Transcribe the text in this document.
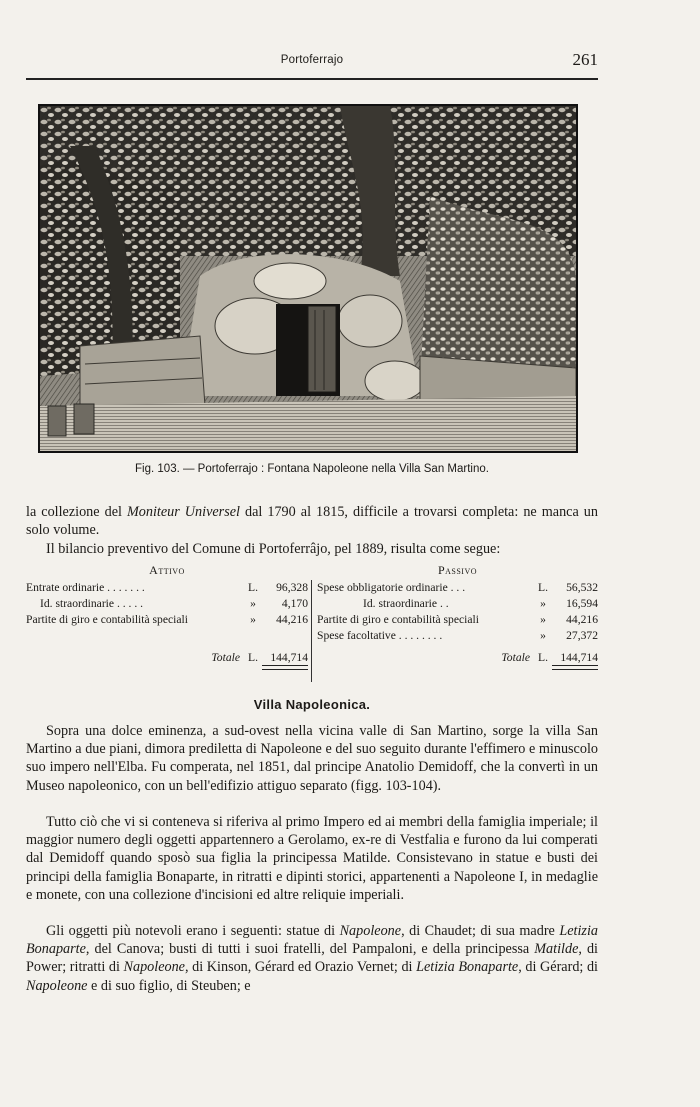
Portoferrajo	261
Fig. 103. — Portoferrajo : Fontana Napoleone nella Villa San Martino.

la collezione del Moniteur Universel dal 1790 al 1815, difficile a trovarsi completa: ne manca un solo volume.

Il bilancio preventivo del Comune di Portoferrâjo, pel 1889, risulta come segue:

Attivo
Entrate ordinarie . . . . . . .	L.	96,328
Id. straordinarie . . . . .	»	4,170
Partite di giro e contabilità speciali	»	44,216
Totale L.	144,714
Passivo
Spese obbligatorie ordinarie . . .	L.	56,532
Id. straordinarie . .	»	16,594
Partite di giro e contabilità speciali	»	44,216
Spese facoltative . . . . . . . .	»	27,372
Totale L.	144,714
Villa Napoleonica.

Sopra una dolce eminenza, a sud-ovest nella vicina valle di San Martino, sorge la villa San Martino a due piani, dimora prediletta di Napoleone e del suo seguito durante l'effimero e minuscolo suo impero nell'Elba. Fu comperata, nel 1851, dal principe Anatolio Demidoff, che la convertì in un Museo napoleonico, con un bell'edifizio attiguo separato (figg. 103-104).

Tutto ciò che vi si conteneva si riferiva al primo Impero ed ai membri della famiglia imperiale; il maggior numero degli oggetti appartennero a Gerolamo, ex-re di Vestfalia e furono da lui comperati dal Demidoff quando sposò sua figlia la principessa Matilde. Consistevano in statue e busti dei principi della famiglia Bonaparte, in ritratti e dipinti storici, appartenenti a Napoleone I, in medaglie e monete, con una collezione d'incisioni ed altre reliquie imperiali.

Gli oggetti più notevoli erano i seguenti: statue di Napoleone, di Chaudet; di sua madre Letizia Bonaparte, del Canova; busti di tutti i suoi fratelli, del Pampaloni, e della principessa Matilde, di Power; ritratti di Napoleone, di Kinson, Gérard ed Orazio Vernet; di Letizia Bonaparte, di Gérard; di Napoleone e di suo figlio, di Steuben; e
